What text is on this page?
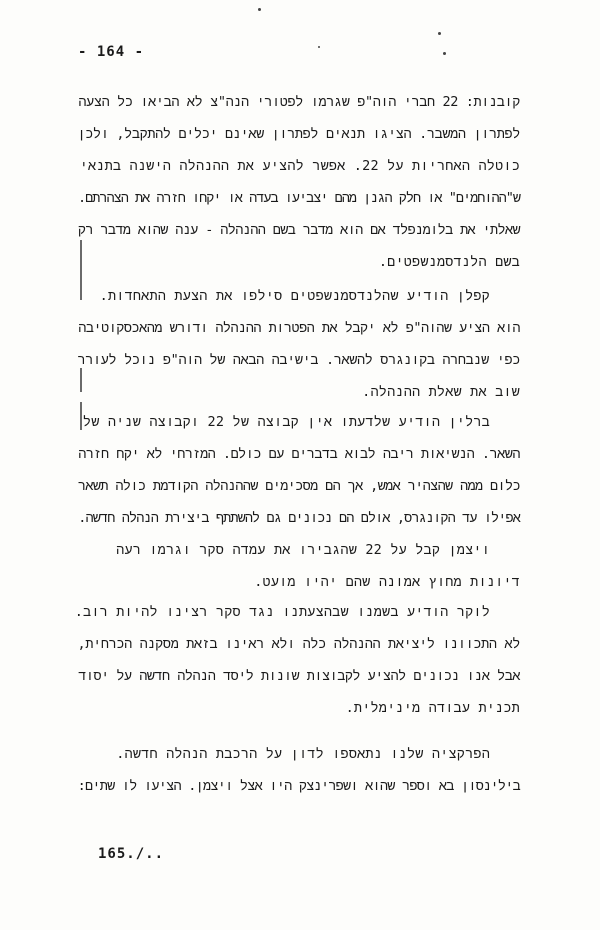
- 164 -
קובנות: 22 חברי הוה"פ שגרמו לפטורי הנה"צ לא הביאו כל הצעה
לפתרון המשבר. הציגו תנאים לפתרון שאינם יכלים להתקבל, ולכן
כוטלה האחריות על 22. אפשר להציע את ההנהלה הישנה בתנאי
ש"ההוחמים" או חלק הגנן מהם יצביעו בעדה או יקחו חזרה את הצהרתם.
שאלתי את בלומנפלד אם הוא מדבר בשם ההנהלה - ענה שהוא מדבר רק
בשם הלנדסמנשפטים.
קפלן הודיע שהלנדסמנשפטים סילפו את הצעת התאחדות.
הוא הציע שהוה"פ לא יקבל את הפטרות ההנהלה ודורש מהאכסקוטיבה
כפי שנבחרה בקונגרס להשאר. בישיבה הבאה של הוה"פ נוכל לעורר
שוב את שאלת ההנהלה.
ברלין הודיע שלדעתו אין קבוצה של 22 וקבוצה שניה של
השאר. הנשיאות ריבה לבוא בדברים עם כולם. המזרחי לא יקח חזרה
כלום ממה שהצהיר אמש, אך הם מסכימים שההנהלה הקודמת כולה תשאר
אפילו עד הקונגרס, אולם הם נכונים גם להשתתף ביצירת הנהלה חדשה.
ויצמן קבל על 22 שהגבירו את עמדה סקר וגרמו רעה
דיונות מחוץ אמונה שהם יהיו מועט.
לוקר הודיע בשמנו שבהצעתנו נגד סקר רצינו להיות רוב.
לא התכוונו ליציאת ההנהלה כלה ולא ראינו בזאת מסקנה הכרחית,
אבל אנו נכונים להציע לקבוצות שונות ליסד הנהלה חדשה על יסוד
תכנית עבודה מינימלית.
הפרקציה שלנו נתאספו לדון על הרכבת הנהלה חדשה.
בילינסון בא וספר שהוא ושפרינצק היו אצל ויצמן. הציעו לו שתים:
165./..
